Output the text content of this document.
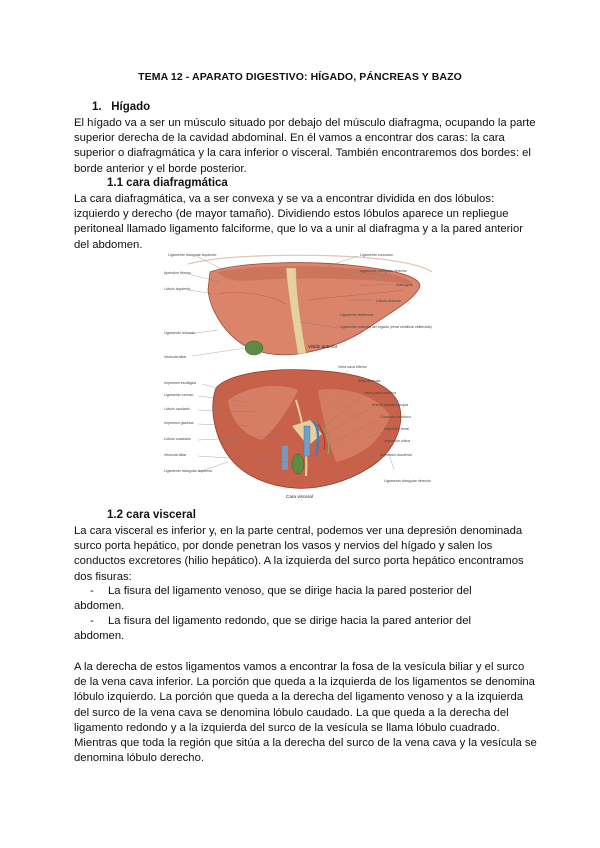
TEMA 12 - APARATO DIGESTIVO: HÍGADO, PÁNCREAS Y BAZO
1. Hígado
El hígado va a ser un músculo situado por debajo del músculo diafragma, ocupando la parte
superior derecha de la cavidad abdominal. En él vamos a encontrar dos caras: la cara
superior o diafragmática y la cara inferior o visceral. También encontraremos dos bordes: el
borde anterior y el borde posterior.
1.1 cara diafragmática
La cara diafragmática, va a ser convexa y se va a encontrar dividida en dos lóbulos:
izquierdo y derecho (de mayor tamaño). Dividiendo estos lóbulos aparece un repliegue
peritoneal llamado ligamento falciforme, que lo va a unir al diafragma y a la pared anterior
del abdomen.
Ligamento triangular izquierdo
Apéndice fibroso
Lóbulo izquierdo
Ligamento redondo
Vesícula biliar
Ligamento coronario
Ligamento triangular derecho
Diafragma
Lóbulo derecho
Ligamento falciforme
Ligamento redondo del hígado (vena umbilical obliterada)
Visión anterior
Impresión esofágica
Ligamento venoso
Lóbulo caudado
Impresión gástrica
Lóbulo cuadrado
Vesícula biliar
Ligamento triangular izquierdo
Vena cava inferior
Área desnuda
Vena porta hepática
Arteria hepática propia
Conducto colédoco
Impresión renal
Impresión cólica
Impresión duodenal
Ligamento triangular derecho
Cara visceral
1.2 cara visceral
La cara visceral es inferior y, en la parte central, podemos ver una depresión denominada
surco porta hepático, por donde penetran los vasos y nervios del hígado y salen los
conductos excretores (hilio hepático). A la izquierda del surco porta hepático encontramos
dos fisuras:
-	La fisura del ligamento venoso, que se dirige hacia la pared posterior del
abdomen.
-	La fisura del ligamento redondo, que se dirige hacia la pared anterior del
abdomen.
A la derecha de estos ligamentos vamos a encontrar la fosa de la vesícula biliar y el surco
de la vena cava inferior. La porción que queda a la izquierda de los ligamentos se denomina
lóbulo izquierdo. La porción que queda a la derecha del ligamento venoso y a la izquierda
del surco de la vena cava se denomina lóbulo caudado. La que queda a la derecha del
ligamento redondo y a la izquierda del surco de la vesícula se llama lóbulo cuadrado.
Mientras que toda la región que sitúa a la derecha del surco de la vena cava y la vesícula se
denomina lóbulo derecho.
